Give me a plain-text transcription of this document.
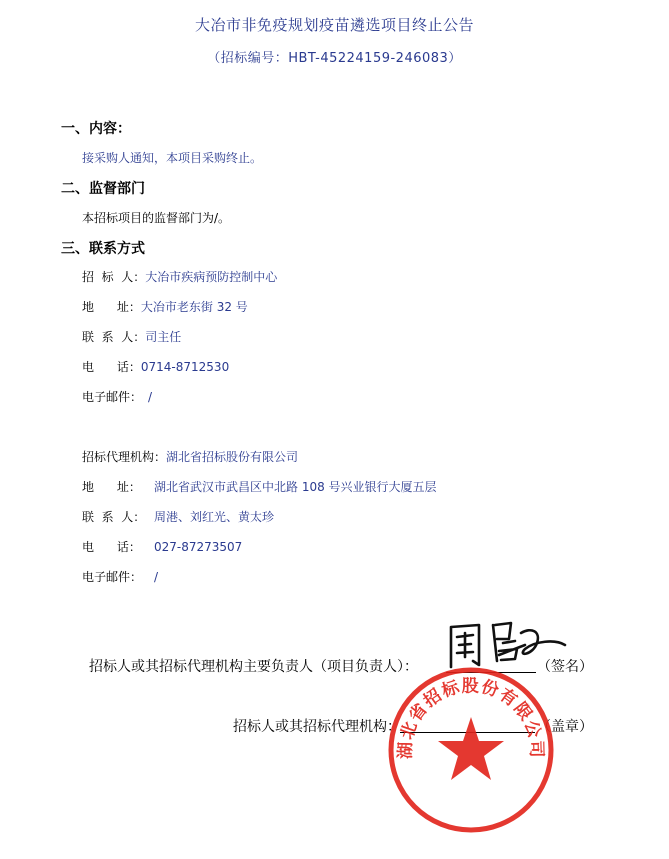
大冶市非免疫规划疫苗遴选项目终止公告
（招标编号：HBT-45224159-246083）
一、内容：
接采购人通知，本项目采购终止。
二、监督部门
本招标项目的监督部门为/。
三、联系方式
招  标  人：大冶市疾病预防控制中心
地      址：大冶市老东街 32 号
联  系  人：司主任
电      话：0714-8712530
电子邮件： /
招标代理机构：湖北省招标股份有限公司
地      址： 湖北省武汉市武昌区中北路 108 号兴业银行大厦五层
联  系  人： 周港、刘红光、黄太珍
电      话： 027-87273507
电子邮件： /
招标人或其招标代理机构主要负责人（项目负责人）：	（签名）
招标人或其招标代理机构：	（盖章）
湖北省招标股份有限公司
